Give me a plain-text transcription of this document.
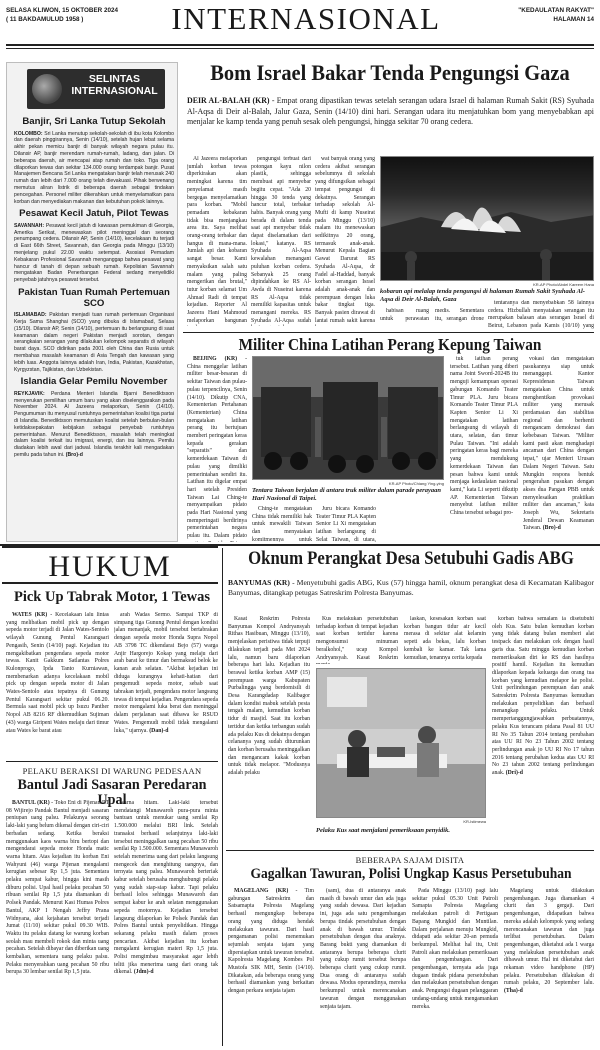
SELASA KLIWON, 15 OKTOBER 2024
( 11 BAKDAMULUD 1958 )	INTERNASIONAL	"KEDAULATAN RAKYAT"
HALAMAN 14
SELINTAS INTERNASIONAL
Banjir, Sri Lanka Tutup Sekolah
KOLOMBO: Sri Lanka menutup sekolah-sekolah di ibu kota Kolombo dan daerah pinggirannya, Senin (14/10), setelah hujan lebat selama akhir pekan memicu banjir di banyak wilayah negara pulau itu. Dilansir AP, banjir merendam rumah-rumah, ladang, dan jalan. Di beberapa daerah, air mencapai atap rumah dan toko. Tiga orang dilaporkan tewas dan sekitar 134.000 orang terdampak banjir. Pusat Manajemen Bencana Sri Lanka mengatakan banjir telah merusak 240 rumah dan lebih dari 7.000 orang telah dievakuasi. Pihak berwenang memutus aliran listrik di beberapa daerah sebagai tindakan pencegahan. Personel militer dikerahkan untuk menyelamatkan para korban dan menyediakan makanan dan kebutuhan pokok lainnya.
Pesawat Kecil Jatuh, Pilot Tewas
SAVANNAH: Pesawat kecil jatuh di kawasan pemukiman di Georgia, Amerika Serikat, menewaskan pilot meninggal dan seorang penumpang cedera. Dilansir AP, Senin (14/10), kecelakaan itu terjadi di East 66th Street, Savannah, dan Georgia pada Minggu (13/10) menjelang pukul 22.00 waktu setempat. Asosiasi Pemadam Kebakaran Profesional Savannah menganggap bahwa pesawat yang hancur di tanah di depan sebuah rumah. Kepolisian Savannah mengatakan Badan Penerbangan Federal sedang menyelidiki penyebab jatuhnya pesawat tersebut.
Pakistan Tuan Rumah Pertemuan SCO
ISLAMABAD: Pakistan menjadi tuan rumah pertemuan Organisasi Kerja Sama Shanghai (SCO) yang dibuka di Islamabad, Selasa (15/10). Dilansir AP, Senin (14/10), pertemuan itu berlangsung di saat keamanan dalam negeri Pakistan menjadi sorotan, dengan serangkaian serangan yang dilakukan kelompok separatis di wilayah barat daya. SCO didirikan pada 2001 oleh China dan Rusia untuk membahas masalah keamanan di Asia Tengah dan kawasan yang lebih luas. Anggota lainnya adalah Iran, India, Pakistan, Kazakhstan, Kyrgyzstan, Tajikistan, dan Uzbekistan.
Islandia Gelar Pemilu November
REYKJAVIK: Perdana Menteri Islandia Bjarni Benediktsson menyerukan pemilihan umum baru yang akan diselenggarakan pada November 2024. Al Jazeera melaporkan, Senin (14/10). Pengumuman itu menyusul runtuhnya pemerintahan koalisi tiga partai di Islandia. Benediktsson memutuskan koalisi setelah berbulan-bulan ketidaksepakatan kebijakan sebagai penyebab runtuhnya pemerintahan. Menurut Benediktsson, masalah telah meningkat dalam koalisi terkait isu imigrasi, energi, dan isu lainnya. Pemilu diadakan lebih awal dari jadwal. Islandia terakhir kali mengadakan pemilu pada tahun ini. (Bro)-d
Bom Israel Bakar Tenda Pengungsi Gaza
DEIR AL-BALAH (KR) - Empat orang dipastikan tewas setelah serangan udara Israel di halaman Rumah Sakit (RS) Syuhada Al-Aqsa di Deir al-Balah, Jalur Gaza, Senin (14/10) dini hari. Serangan udara itu menjatuhkan bom yang menyebabkan api menjalar ke kamp tenda yang penuh sesak oleh pengungsi, hingga sekitar 70 orang cedera.

Al Jazeera melaporkan jumlah korban tewas diperkirakan akan meningkat karena tim penyelamat masih bergegas menyelamatkan para korban. "Mobil pemadam kebakaran tidak bisa menjangkau area itu. Saya melihat orang-orang terbakar dan hangus di mana-mana. Jumlah api dan kobaran sangat besar. Kami menyaksikan salah satu malam yang paling mengerikan dan brutal," tutur korban selamat Um Ahmad Radi di tempat kejadian. Reporter Al Jazeera Hani Mahmoud melaporkan bangunan

pengungsi terbuat dari potongan kayu nilon plastik, sehingga membuat api menyebar begitu cepat. "Ada 20 hingga 30 tenda yang hancur total, terbakar habis. Banyak orang yang berada di dalam tenda saat api menyebar tidak dapat diselamatkan dari lokasi," katanya. RS Syuhada Al-Aqsa kewalahan menangani puluhan korban cedera. Sebanyak 25 orang dipindahkan ke RS Al-Awda di Nuseirat karena RS Al-Aqsa tidak memiliki kapasitas untuk menangani mereka. RS Syuhada Al-Aqsa sudah

wat banyak orang yang cedera akibat serangan sebelumnya di sekolah yang difungsikan sebagai tempat pengungsi di dekatnya. Serangan terhadap sekolah Al-Mufti di kamp Nuseirat pada Minggu (13/10) malam itu menewaskan sedikitnya 20 orang, termasuk anak-anak. Menurut Kepala Bagian Gawat Darurat RS Syuhada Al-Aqsa, dr Fadel al-Haddad, banyak korban serangan Israel adalah anak-anak dan perempuan dengan luka bakar tingkat tiga. Banyak pasien dirawat di lantai rumah sakit karena

KR-AP Photo/Abdel Kareem Hana
kobaran api melalap tenda pengungsi di halaman Rumah Sakit Syuhada Al-Aqsa di Deir Al-Balah, Gaza

habisan ruang untuk perawatan medis. Sementara itu, serangan drone

tentaranya dan menyebabkan 58 lainnya cedera. Hizbullah menyatakan serangan itu merupakan balasan atas serangan Israel di Beirut, Lebanon pada Kamis (10/10) yang

Militer China Latihan Perang Kepung Taiwan

BEIJING (KR) - China menggelar latihan militer besar-besaran di sekitar Taiwan dan pulau-pulau terpencilnya, Senin (14/10). Dikutip CNA, Kementerian Pertahanan (Kementerian) China mengatakan latihan perang itu bertujuan memberi peringatan keras kepada gerakan "separatis" dan kemerdekaan Taiwan di pulau yang dimiliki pemerintahan sendiri itu. Latihan itu digelar empat hari setelah Presiden Taiwan Lai Ching-te menyampaikan pidato pada Hari Nasional yang memperingati berdirinya pemerintahan negara pulau itu. Dalam pidato

KR-AP Photo/Chiang Ying-ying
Tentara Taiwan berjalan di antara truk militer dalam parade perayaan Hari Nasional di Taipei.

Ching-te mengatakan China tidak memiliki hak untuk mewakili Taiwan dan menyatakan komitmennya untuk

Juru bicara Komando Teater Timur PLA Kapten Senior Li Xi mengatakan latihan berlangsung di Selat Taiwan, di utara,

tuk latihan perang tersebut. Latihan yang diberi nama Joint Sword-2024B itu menguji kemampuan operasi gabungan Komando Teater Timur PLA. Juru bicara Komando Teater Timur PLA Kapten Senior Li Xi mengatakan latihan berlangsung di wilayah di utara, selatan, dan timur Pulau Taiwan. "Ini adalah peringatan keras bagi mereka yang mendukung kemerdekaan Taiwan dan pesan bahwa kami untuk menjaga kedaulatan nasional kami," kata Li seperti dikutip AP. Kementerian Taiwan menyebut latihan militer China tersebut sebagai pro-

vokasi dan mengatakan pasukannya siap untuk menanggapi. Kantor Kepresidenan Taiwan mengatakan China untuk menghentikan provokasi militer yang merusak perdamaian dan stabilitas regional dan berhenti mengancam demokrasi dan kebebasan Taiwan. "Militer kami pasti akan menghadapi ancaman dari China dengan tepat," ujar Menteri Urusan Dalam Negeri Taiwan. Satu Mungkin respons bentuk pengerahan pasukan dengan akses dua Pangan PBB untuk menyelesaikan praktikan militer dan ancaman," kata Joseph Wu, Sekretaris Jenderal Dewan Keamanan Taiwan. (Bro)-d

HUKUM
Pick Up Tabrak Motor, 1 Tewas

WATES (KR) - Kecelakaan lalu lintas yang melibatkan mobil pick up dengan sepeda motor terjadi di Jalan Wates-Sentolo wilayah Gunung Pentul Karangsari Pengasih, Senin (14/10) pagi. Kejadian itu mengakibatkan pengendara sepeda motor tewas. Kanit Gakkum Satlantas Polres Kulonprogo, Ipda Tanto Kurniawan, membenarkan adanya kecelakaan mobil pick up dengan sepeda motor di Jalan Wates-Sentolo atau tepatnya di Gunung Pentul Karangsari sekitar pukul 06.20. Bermula saat mobil pick up Isuzu Panther Nopol AB 8216 RF dikemudikan Sujiman (43) warga Giripeni Wates melaju dari timur atau Wates ke barat atau

arah Wadas Sermo. Sampai TKP di simpang tiga Gunung Pentul dengan kondisi jalan menanjak, mobil tersebut bertabrakan dengan sepeda motor Honda Supra Nopol AB 3798 TC dikendarai Bejo (57) warga Anjir Hargorejo Kokap yang melaju dari arah barat ke timur dan bermaksud belok ke kanan arah selatan. "Akibat kejadian ini diduga kurangnya kehati-hatian dari pengemudi sepeda motor, sebab saat tabrakan terjadi, pengendara motor langsung tewas di tempat kejadian. Pengendara sepeda motor mengalami luka berat dan meninggal dalam perjalanan saat dibawa ke RSUD Wates. Pengemudi mobil tidak mengalami luka," ujarnya. (Dan)-d

PELAKU BERAKSI DI WARUNG PEDESAAN
Bantul Jadi Sasaran Peredaran Upal

BANTUL (KR) - Toko Eni di Pijenan RT 08 Wijirejo Pandak Bantul menjadi sasaran peniupan uang palsu. Pelakunya seorang laki-laki yang belum dikenal dengan ciri-ciri berbadan sedang. Ketika beraksi menggunakan kaos warna biru bertopi dan mengendarai sepeda motor Honda matic warna hitam. Atas kejadian itu korban Eni Wahyuni (46) warga Pijenan mengalami kerugian sebesar Rp 1,5 juta. Sementara pelaku sempat kabur, hingga kini masih diburu polisi. Upal hasil pelaku pecahan 50 ribuan senilai Rp 1,5 juta diamankan di Polsek Pandak. Menurut Kasi Humas Polres Bantul, AKP I Nengah Jeffry Prana Widnyana, aksi kejahatan tersebut terjadi Jumat (11/10) sekitar pukul 09.30 WIB. Waktu itu pelaku datang ke warung korban seolah mau membeli rokok dan minta uang pecahan. Setelah dibayar dan diberikan uang kembalian, sementara uang pelaku palsu. Pelaku menyerahkan uang pecahan 50 ribu berupa 30 lembar senilai Rp 1,5 juta.

warna hitam. Laki-laki tersebut mendatangi Munawaroh pura-pura minta bantuan untuk menukar uang senilai Rp 1.500.000 melalui BRI link. Setelah transaksi berhasil selanjutnya laki-laki tersebut meninggalkan uang pecahan 50 ribu senilai Rp 1.500.000. Sementara Munawaroh setelah menerima uang dari pelaku langsung mengecek dan menghitung uangnya, dan ternyata uang palsu. Munawaroh berteriak kabur setelah berusaha menghubungi pelaku yang sudah siap-siap kabur. Tapi pelaku berhasil lolos sehingga Munawaroh dan sempat kabur ke arah selatan menggunakan sepeda motornya. Kejadian tersebut langsung dilaporkan ke Polsek Pandak dan Polres Bantul untuk penyelidikan. Hingga sekarang pelaku masih dalam proses pencarian. Akibat kejadian itu korban mengalami kerugian materi Rp 1,5 juta. Polisi mengimbau masyarakat agar lebih teliti jika menerima uang dari orang tak dikenal. (Jdm)-d

Oknum Perangkat Desa Setubuhi Gadis ABG
BANYUMAS (KR) - Menyetubuhi gadis ABG, Kus (57) hingga hamil, oknum perangkat desa di Kecamatan Kalibagor Banyumas, ditangkap petugas Satreskrim Polresta Banyumas.

Kasat Reskrim Polresta Banyumas Kompol Andryansyah Rithas Hasibuan, Minggu (13/10), menjelaskan peristiwa tidak terpuji dilakukan terjadi pada Mei 2024 lalu, namun baru dilaporkan beberapa hari lalu. Kejadian itu berawal ketika korban AMP (15) perempuan warga Kabupaten Purbalingga yang berdomisili di Desa Karangdadap Kalibagor dalam kondisi mabuk setelah pesta tengah malam, kemudian korban tidur di masjid. Saat itu korban tertidur dan ketika terbangun sudah ada pelaku Kus di dekatnya dengan celananya yang sudah diturunkan dan korban berusaha meninggalkan dan mengancam kakak korban untuk tidak melapor. "Modusnya adalah pelaku

Kus melakukan persetubuhan terhadap korban di tempat kejadian saat korban tertidur karena mengonsumsi minuman beralkohol," ucap Kompol Andryansyah. Kasat Reskrim

laskan, kesesakan korban saat korban bangun tidur air kecil merasa di sekitar alat kelamin sepeti ada bekas, lalu korban kembali ke kamar. Tak lama kemudian, tenannya cerita kepada

KR-Istimewa
Pelaku Kus saat menjalani pemeriksaan penyidik.

korban bahwa semalam ia disetubuhi oleh Kus. Satu bulan kemudian korban yang tidak datang bulan memberi alat testpack dan melakukan cek dengan hasil garis dua. Satu minggu kemudian korban memeriksakan diri ke RS dan hasilnya positif hamil. Kejadian itu kemudian dilaporkan kepada keluarga dan orang tua korban yang kemudian melapor ke polisi. Unit perlindungan perempuan dan anak Satreskrim Polresta Banyumas kemudian melakukan penyelidikan dan berhasil menangkap pelaku. Untuk mempertanggungjawabkan perbuatannya, pelaku Kus terancam pidana Pasal 81 UU RI No 35 Tahun 2014 tentang perubahan atas UU RI No 23 Tahun 2002 tentang perlindungan anak jo UU RI No 17 tahun 2016 tentang perubahan kedua atas UU RI No 23 tahun 2002 tentang perlindungan anak. (Dri)-d

BEBERAPA SAJAM DISITA
Gagalkan Tawuran, Polisi Ungkap Kasus Persetubuhan

MAGELANG (KR) - Tim gabungan Satreskrim dan Satsamapta Polresta Magelang berhasil mengungkap beberapa orang yang diduga hendak melakukan tawuran. Dari hasil pengamanan polisi menemukan sejumlah senjata tajam yang dipersiapkan untuk tawuran tersebut. Kapolresta Magelang Kombes Pol Mustofa SIK MH, Senin (14/10). Dikatakan, ada beberapa orang yang berhasil diamankan yang berkaitan dengan perkara senjata tajam

(sam), dua di antaranya anak masih di bawah umur dan ada juga yang sudah dewasa. Dari kejadian ini, juga ada satu pengembangan berupa tindak persetubuhan dengan anak di bawah umur. Tindak persetubuhan dengan dua anaknya. Barang bukti yang diamankan di antaranya berupa beberapa clurit yang cukup rumit tersebut berupa beberapa clurit yang cukup rumit. Dua orang di antaranya sudah dewasa. Modus operandinya, mereka berkumpul untuk merencanakan tawuran dengan menggunakan senjata tajam.

Pada Minggu (13/10) pagi lalu sekitar pukul 05.30 Unit Patroli Samapta Polresta Magelang melakukan patroli di Pertigaan Bapang Mungkid dan Muntilan. Dalam perjalanan menuju Mungkid, didapati ada sekitar 20-an pemuda berkumpul. Melihat hal itu, Unit Patroli akan melakukan pemeriksaan dan pengembangan. Dari pengembangan, ternyata ada juga dugaan tindak pidana persetubuhan dan melakukan persetubuhan dengan anak. Pengungsi dugaan pelanggaran undang-undang untuk mengamankan mereka.

Magelang untuk dilakukan pengembangan. Juga diamankan 4 clurit dan 3 gergaji. Dari pengembangan, didapatkan bahwa mereka adalah kelompok yang sedang merencanakan tawuran dan juga terlibat persetubuhan. Dalam pengembangan, diketahui ada 1 warga yang melakukan persetubuhan anak dibawah umur. Hal ini diketahui dari rekaman video handphone (HP) pelaku. Persetubuhan dilakukan di rumah pelaku, 20 September lalu. (Tha)-d
